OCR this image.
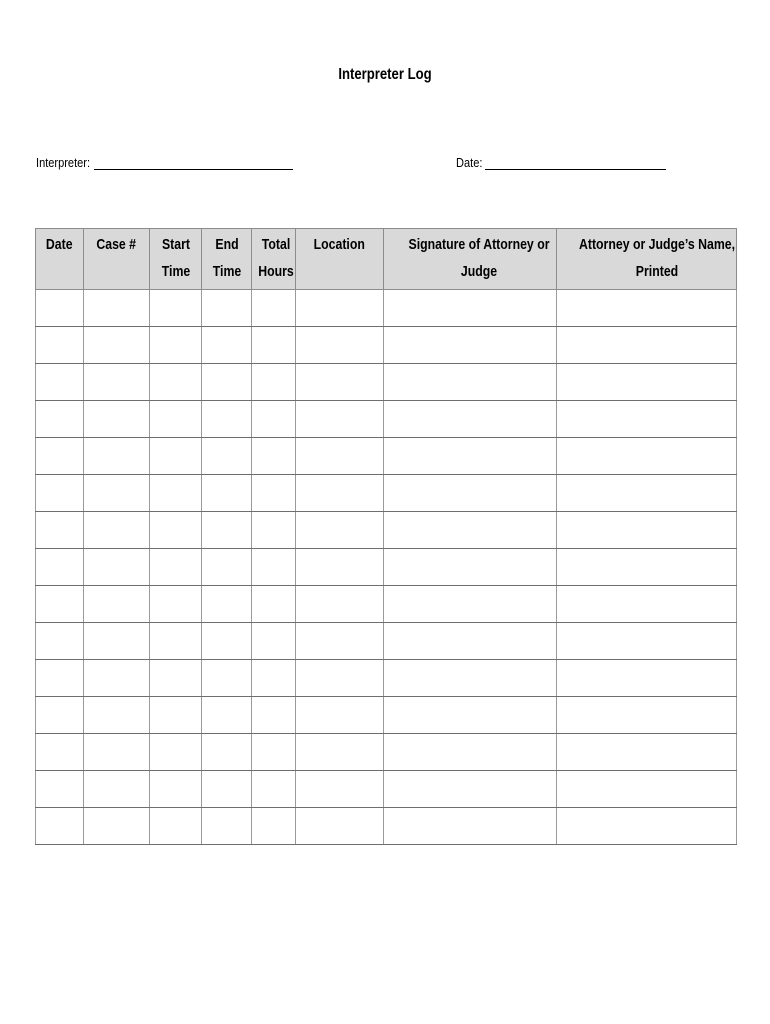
Interpreter Log
Interpreter:	Date:
Date	Case #	Start Time	End Time	Total Hours	Location	Signature of Attorney or Judge	Attorney or Judge’s Name, Printed
